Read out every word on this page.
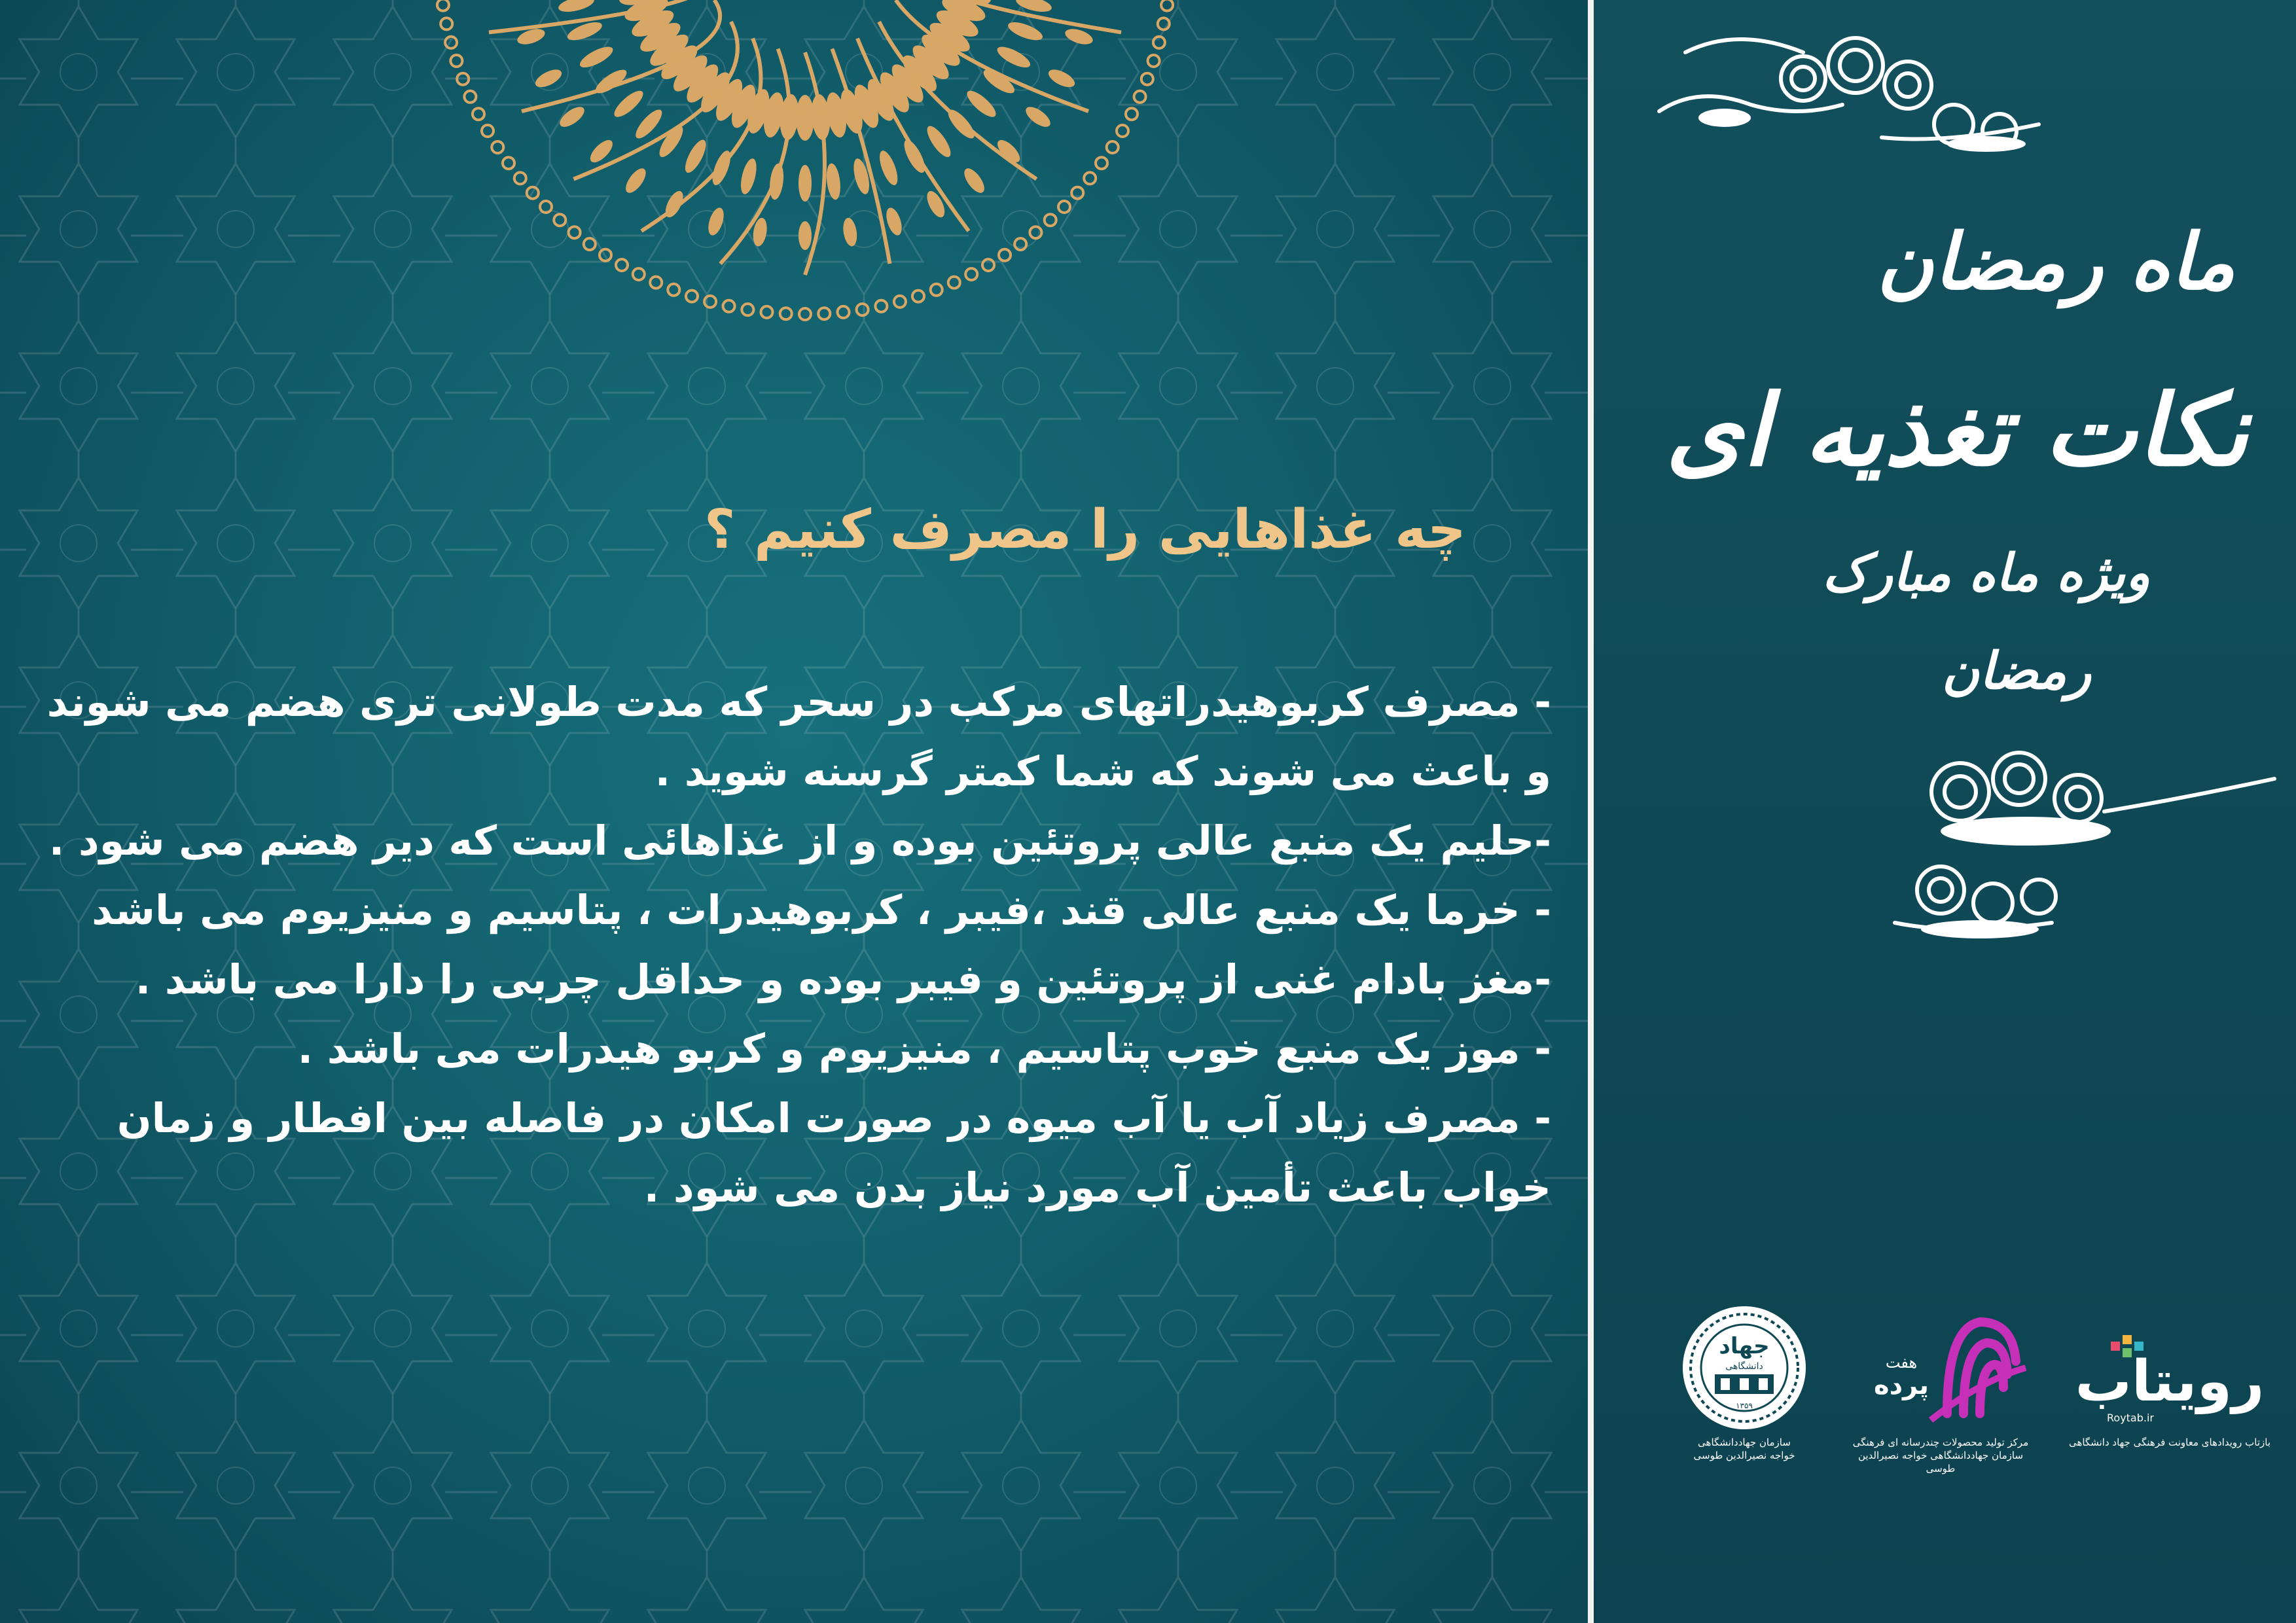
چه غذاهایی را مصرف کنیم ؟

- مصرف کربوهیدراتهای مرکب در سحر که مدت طولانی تری هضم می شوند و باعث می شوند که شما کمتر گرسنه شوید .

-حلیم یک منبع عالی پروتئین بوده و از غذاهائی است که دیر هضم می شود .

- خرما یک منبع عالی قند ،فیبر ، کربوهیدرات ، پتاسیم و منیزیوم می باشد

-مغز بادام غنی از پروتئین و فیبر بوده و حداقل چربی را دارا می باشد .

- موز یک منبع خوب پتاسیم ، منیزیوم و کربو هیدرات می باشد .

- مصرف زیاد آب یا آب میوه در صورت امکان در فاصله بین افطار و زمان خواب باعث تأمین آب مورد نیاز بدن می شود .

ماه رمضان
نکات تغذیه ای
ویژه ماه مبارک
رمضان
جهاد
دانشگاهی
۱۳۵۹
سازمان جهاددانشگاهی
خواجه نصیرالدین طوسی
هفت
پرده
مرکز تولید محصولات چندرسانه ای فرهنگی
سازمان جهاددانشگاهی خواجه نصیرالدین طوسی
رویتاب
Roytab.ir
بازتاب رویدادهای معاونت فرهنگی جهاد دانشگاهی
